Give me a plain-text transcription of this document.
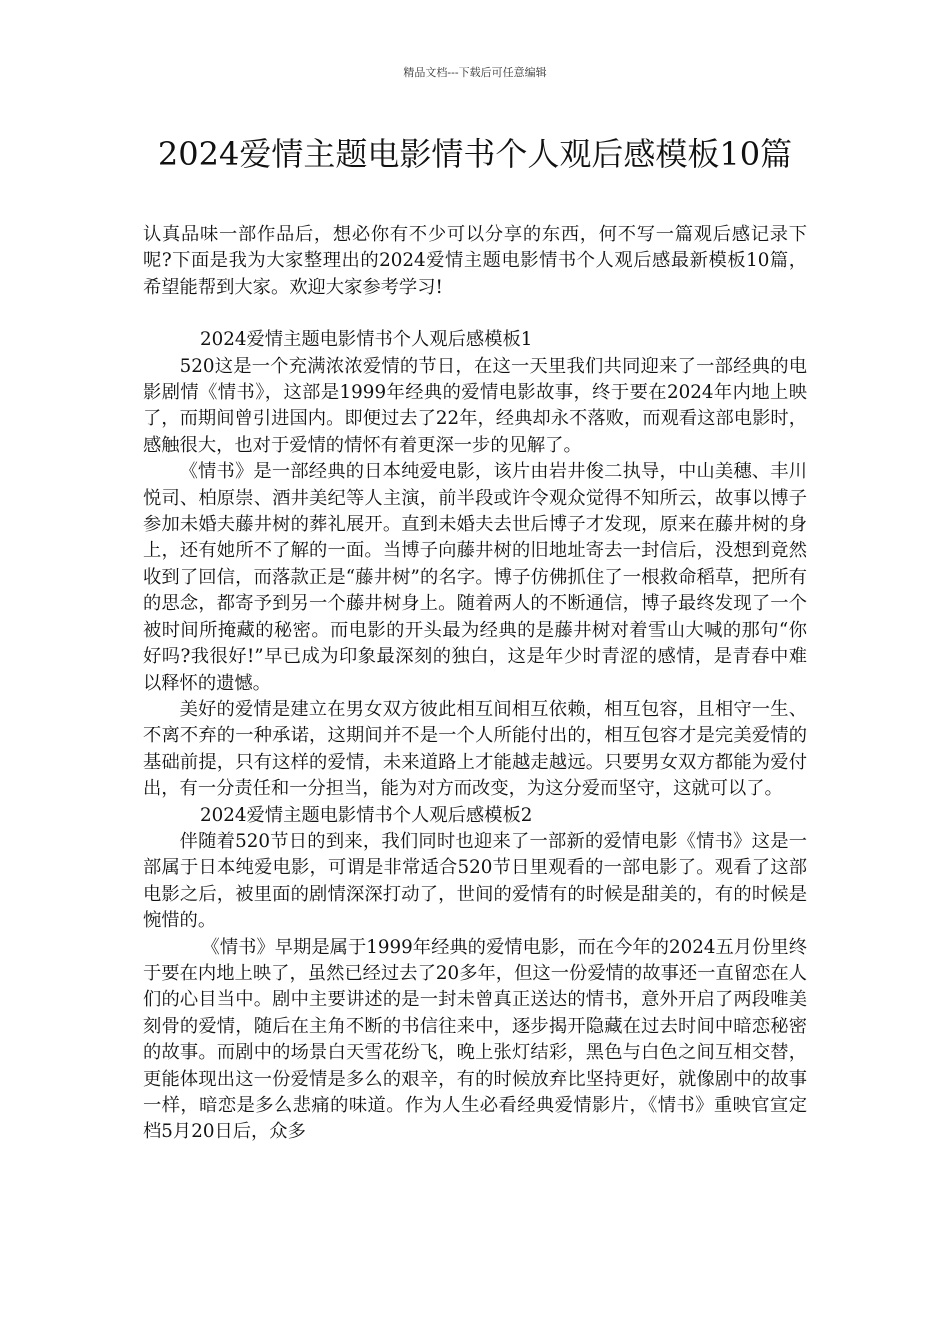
精品文档---下载后可任意编辑
2024爱情主题电影情书个人观后感模板10篇

认真品味一部作品后，想必你有不少可以分享的东西，何不写一篇观后感记录下呢?下面是我为大家整理出的2024爱情主题电影情书个人观后感最新模板10篇，希望能帮到大家。欢迎大家参考学习!

2024爱情主题电影情书个人观后感模板1

520这是一个充满浓浓爱情的节日，在这一天里我们共同迎来了一部经典的电影剧情《情书》，这部是1999年经典的爱情电影故事，终于要在2024年内地上映了，而期间曾引进国内。即便过去了22年，经典却永不落败，而观看这部电影时，感触很大，也对于爱情的情怀有着更深一步的见解了。

《情书》是一部经典的日本纯爱电影，该片由岩井俊二执导，中山美穗、丰川悦司、柏原崇、酒井美纪等人主演，前半段或许令观众觉得不知所云，故事以博子参加未婚夫藤井树的葬礼展开。直到未婚夫去世后博子才发现，原来在藤井树的身上，还有她所不了解的一面。当博子向藤井树的旧地址寄去一封信后，没想到竟然收到了回信，而落款正是“藤井树”的名字。博子仿佛抓住了一根救命稻草，把所有的思念，都寄予到另一个藤井树身上。随着两人的不断通信，博子最终发现了一个被时间所掩藏的秘密。而电影的开头最为经典的是藤井树对着雪山大喊的那句“你好吗?我很好!”早已成为印象最深刻的独白，这是年少时青涩的感情，是青春中难以释怀的遗憾。

美好的爱情是建立在男女双方彼此相互间相互依赖，相互包容，且相守一生、不离不弃的一种承诺，这期间并不是一个人所能付出的，相互包容才是完美爱情的基础前提，只有这样的爱情，未来道路上才能越走越远。只要男女双方都能为爱付出，有一分责任和一分担当，能为对方而改变，为这分爱而坚守，这就可以了。

2024爱情主题电影情书个人观后感模板2

伴随着520节日的到来，我们同时也迎来了一部新的爱情电影《情书》这是一部属于日本纯爱电影，可谓是非常适合520节日里观看的一部电影了。观看了这部电影之后，被里面的剧情深深打动了，世间的爱情有的时候是甜美的，有的时候是惋惜的。

《情书》早期是属于1999年经典的爱情电影，而在今年的2024五月份里终于要在内地上映了，虽然已经过去了20多年，但这一份爱情的故事还一直留恋在人们的心目当中。剧中主要讲述的是一封未曾真正送达的情书，意外开启了两段唯美刻骨的爱情，随后在主角不断的书信往来中，逐步揭开隐藏在过去时间中暗恋秘密的故事。而剧中的场景白天雪花纷飞，晚上张灯结彩，黑色与白色之间互相交替，更能体现出这一份爱情是多么的艰辛，有的时候放弃比坚持更好，就像剧中的故事一样，暗恋是多么悲痛的味道。作为人生必看经典爱情影片，《情书》重映官宣定档5月20日后，众多
